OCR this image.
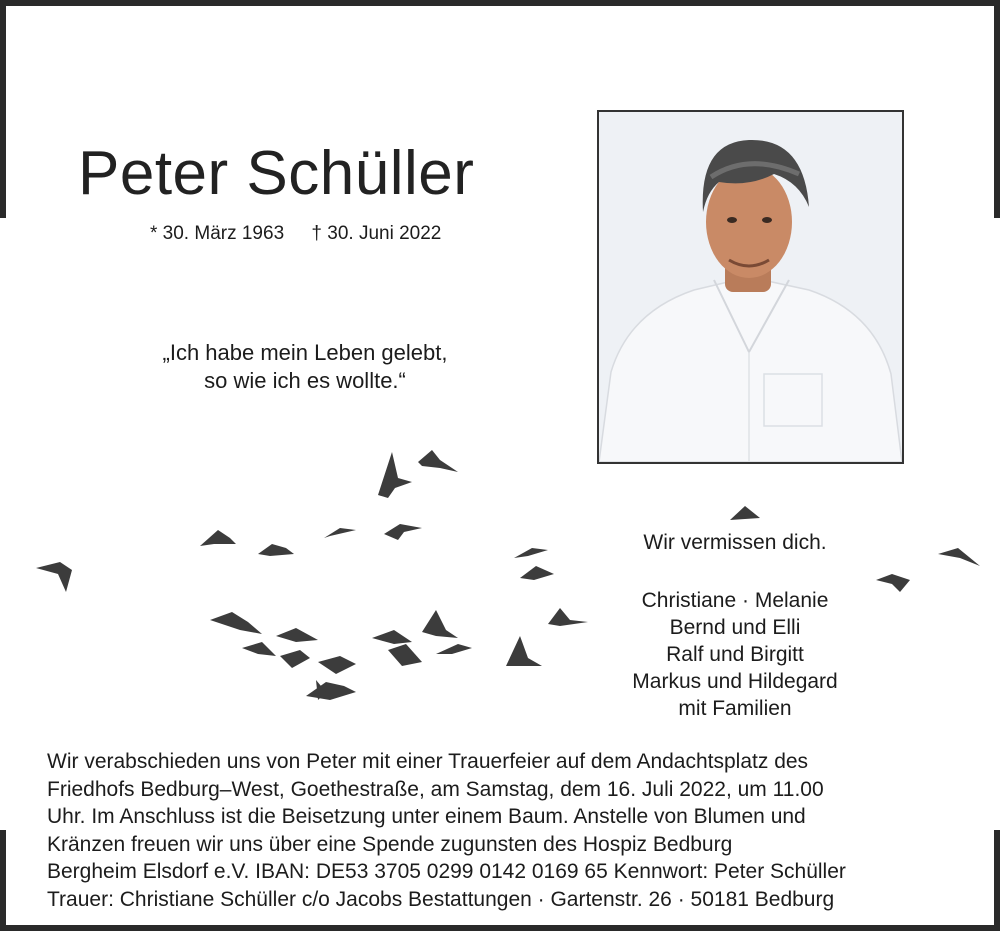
Peter Schüller
* 30. März 1963 † 30. Juni 2022
„Ich habe mein Leben gelebt,
so wie ich es wollte.“
Wir vermissen dich.
Christiane · Melanie
Bernd und Elli
Ralf und Birgitt
Markus und Hildegard
mit Familien
Wir verabschieden uns von Peter mit einer Trauerfeier auf dem Andachtsplatz des
Friedhofs Bedburg–West, Goethestraße, am Samstag, dem 16. Juli 2022, um 11.00
Uhr. Im Anschluss ist die Beisetzung unter einem Baum. Anstelle von Blumen und
Kränzen freuen wir uns über eine Spende zugunsten des Hospiz Bedburg
Bergheim Elsdorf e.V. IBAN: DE53 3705 0299 0142 0169 65 Kennwort: Peter Schüller
Trauer: Christiane Schüller c/o Jacobs Bestattungen · Gartenstr. 26 · 50181 Bedburg
